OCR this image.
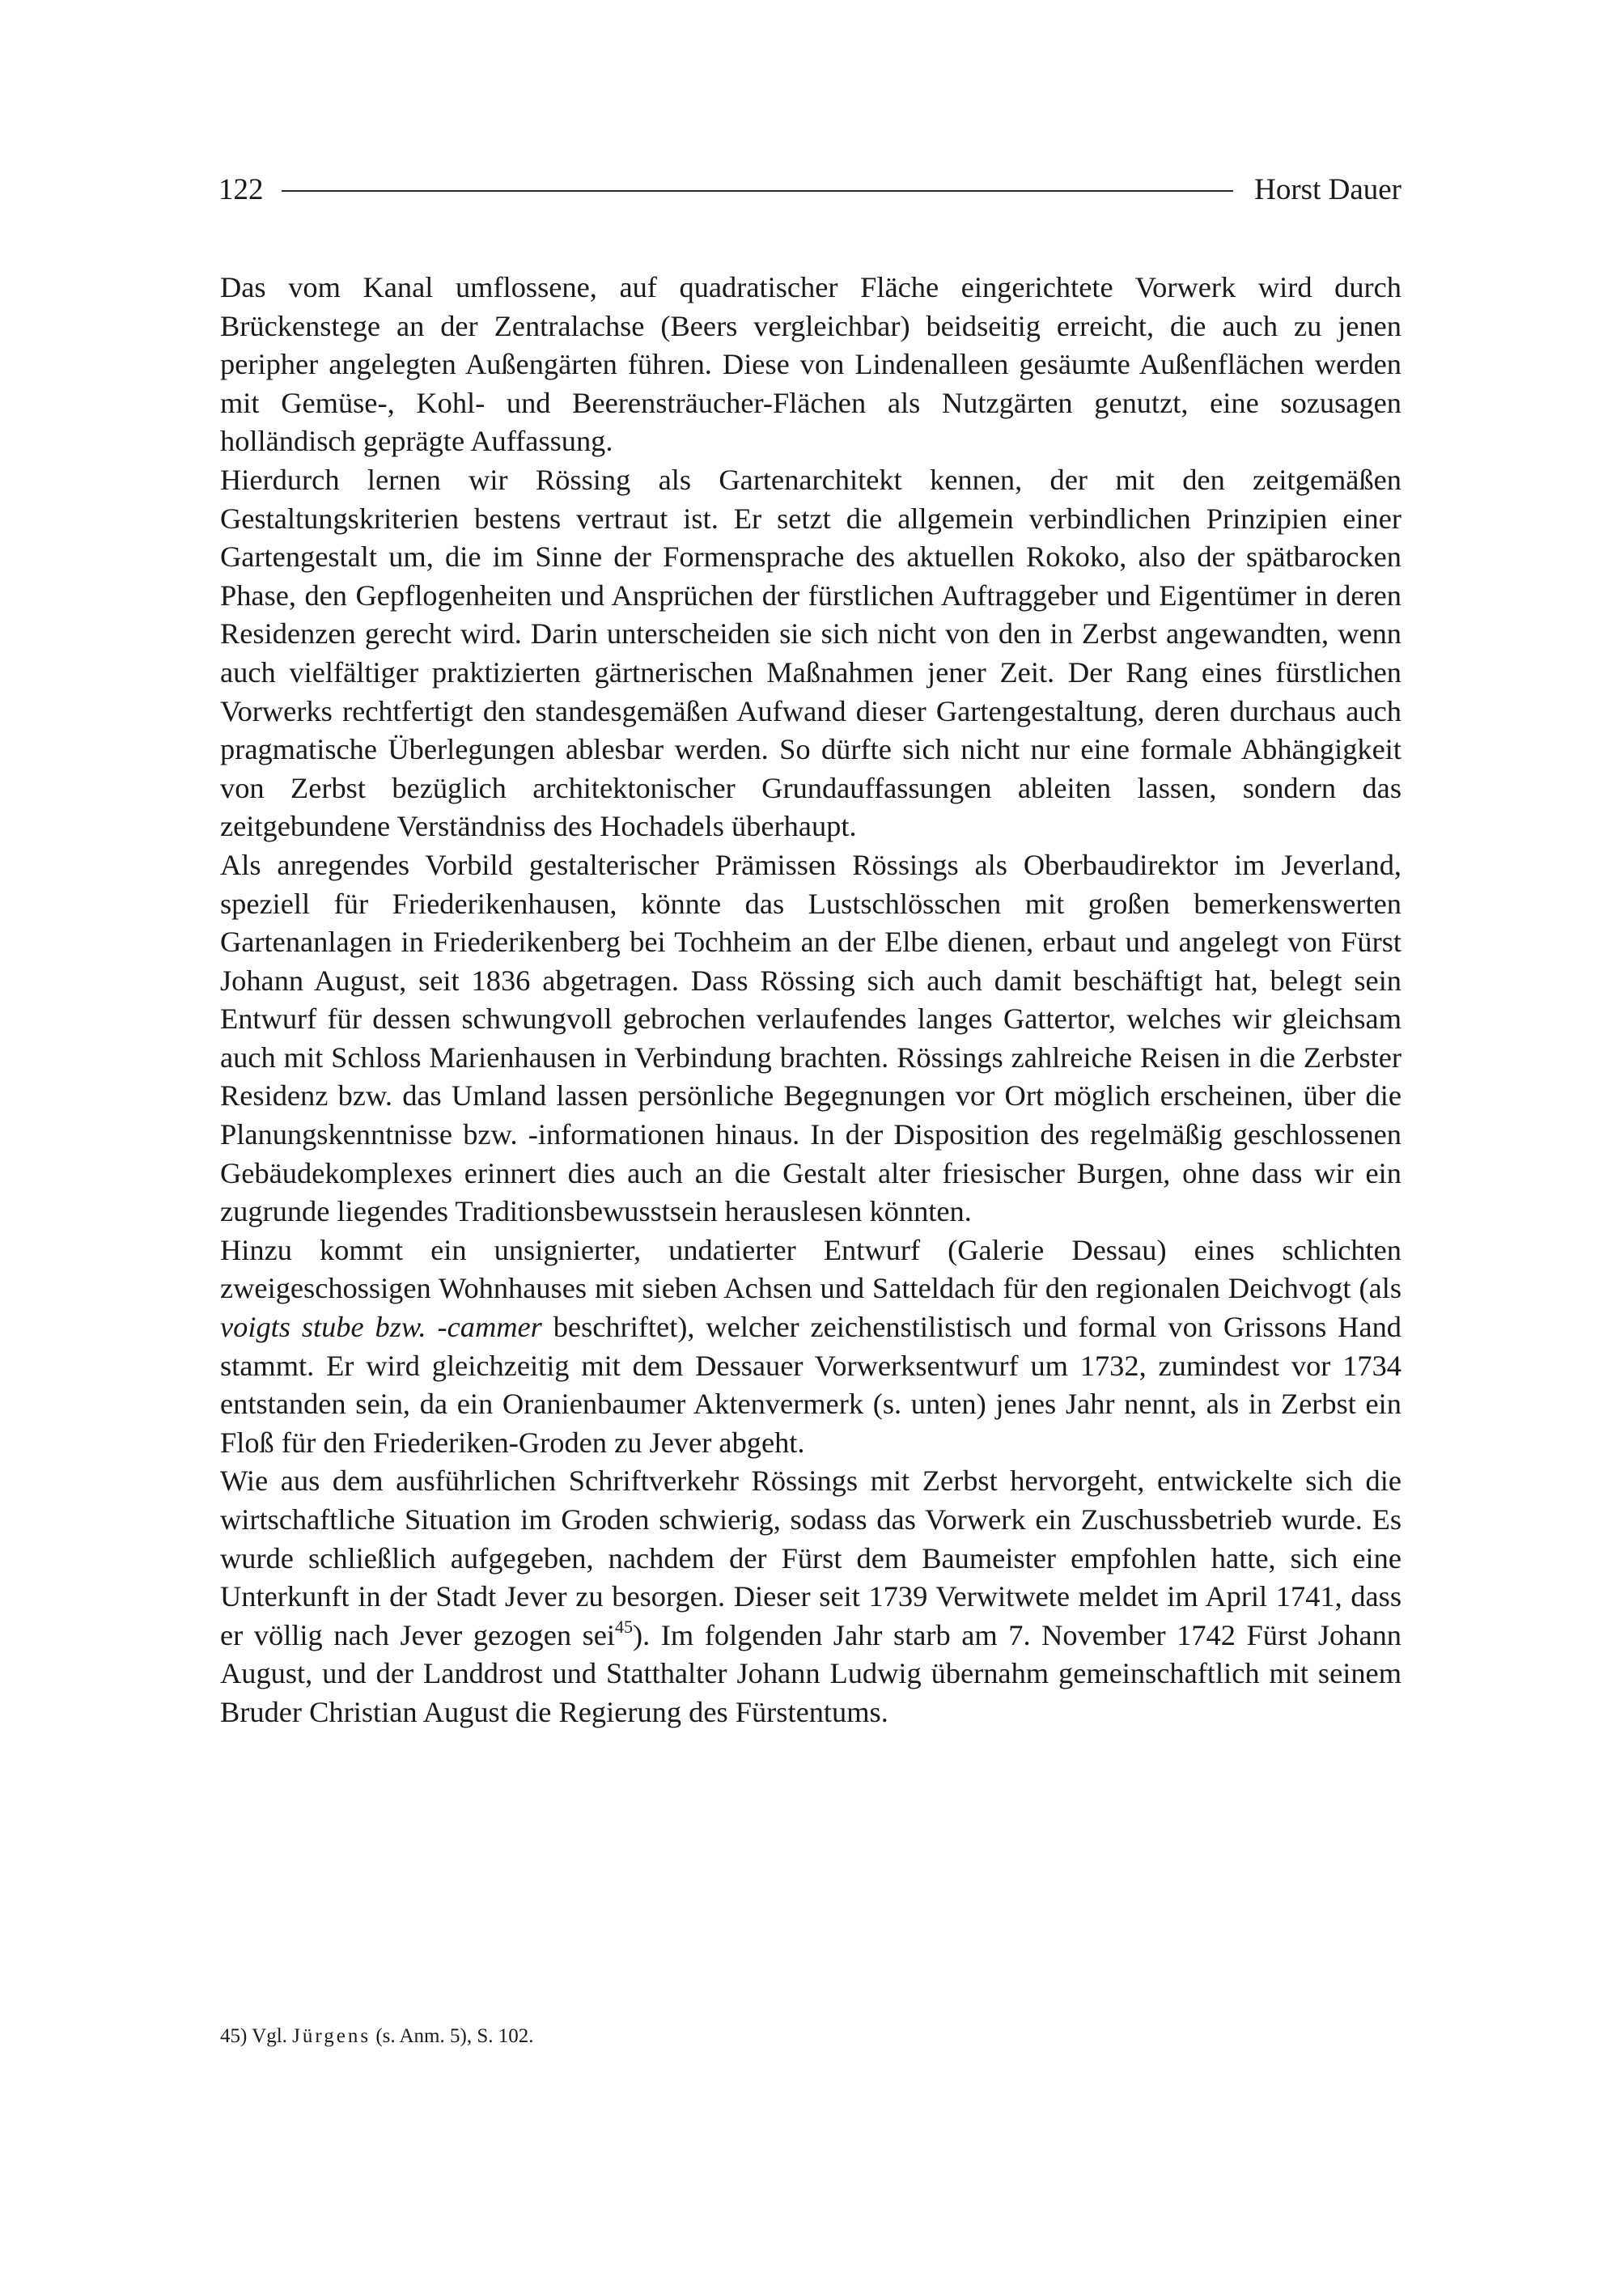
122	Horst Dauer

Das vom Kanal umflossene, auf quadratischer Fläche eingerichtete Vorwerk wird durch Brückenstege an der Zentralachse (Beers vergleichbar) beidseitig erreicht, die auch zu jenen peripher angelegten Außengärten führen. Diese von Lindenalleen gesäumte Außenflächen werden mit Gemüse-, Kohl- und Beerensträucher-Flächen als Nutzgärten genutzt, eine sozusagen holländisch geprägte Auffassung.

Hierdurch lernen wir Rössing als Gartenarchitekt kennen, der mit den zeitgemäßen Gestaltungskriterien bestens vertraut ist. Er setzt die allgemein verbindlichen Prinzipien einer Gartengestalt um, die im Sinne der Formensprache des aktuellen Rokoko, also der spätbarocken Phase, den Gepflogenheiten und Ansprüchen der fürstlichen Auftraggeber und Eigentümer in deren Residenzen gerecht wird. Darin unterscheiden sie sich nicht von den in Zerbst angewandten, wenn auch vielfältiger praktizierten gärtnerischen Maßnahmen jener Zeit. Der Rang eines fürstlichen Vorwerks rechtfertigt den standesgemäßen Aufwand dieser Gartengestaltung, deren durchaus auch pragmatische Überlegungen ablesbar werden. So dürfte sich nicht nur eine formale Abhängigkeit von Zerbst bezüglich architektonischer Grundauffassungen ableiten lassen, sondern das zeitgebundene Verständniss des Hochadels überhaupt.

Als anregendes Vorbild gestalterischer Prämissen Rössings als Oberbaudirektor im Jeverland, speziell für Friederikenhausen, könnte das Lustschlösschen mit großen bemerkenswerten Gartenanlagen in Friederikenberg bei Tochheim an der Elbe dienen, erbaut und angelegt von Fürst Johann August, seit 1836 abgetragen. Dass Rössing sich auch damit beschäftigt hat, belegt sein Entwurf für dessen schwungvoll gebrochen verlaufendes langes Gattertor, welches wir gleichsam auch mit Schloss Marienhausen in Verbindung brachten. Rössings zahlreiche Reisen in die Zerbster Residenz bzw. das Umland lassen persönliche Begegnungen vor Ort möglich erscheinen, über die Planungskenntnisse bzw. -informationen hinaus. In der Disposition des regelmäßig geschlossenen Gebäudekomplexes erinnert dies auch an die Gestalt alter friesischer Burgen, ohne dass wir ein zugrunde liegendes Traditionsbewusstsein herauslesen könnten.

Hinzu kommt ein unsignierter, undatierter Entwurf (Galerie Dessau) eines schlichten zweigeschossigen Wohnhauses mit sieben Achsen und Satteldach für den regionalen Deichvogt (als voigts stube bzw. -cammer beschriftet), welcher zeichenstilistisch und formal von Grissons Hand stammt. Er wird gleichzeitig mit dem Dessauer Vorwerksentwurf um 1732, zumindest vor 1734 entstanden sein, da ein Oranienbaumer Aktenvermerk (s. unten) jenes Jahr nennt, als in Zerbst ein Floß für den Friederiken-Groden zu Jever abgeht.

Wie aus dem ausführlichen Schriftverkehr Rössings mit Zerbst hervorgeht, entwickelte sich die wirtschaftliche Situation im Groden schwierig, sodass das Vorwerk ein Zuschussbetrieb wurde. Es wurde schließlich aufgegeben, nachdem der Fürst dem Baumeister empfohlen hatte, sich eine Unterkunft in der Stadt Jever zu besorgen. Dieser seit 1739 Verwitwete meldet im April 1741, dass er völlig nach Jever gezogen sei$^{45}$). Im folgenden Jahr starb am 7. November 1742 Fürst Johann August, und der Landdrost und Statthalter Johann Ludwig übernahm gemeinschaftlich mit seinem Bruder Christian August die Regierung des Fürstentums.

45) Vgl. Jürgens (s. Anm. 5), S. 102.
